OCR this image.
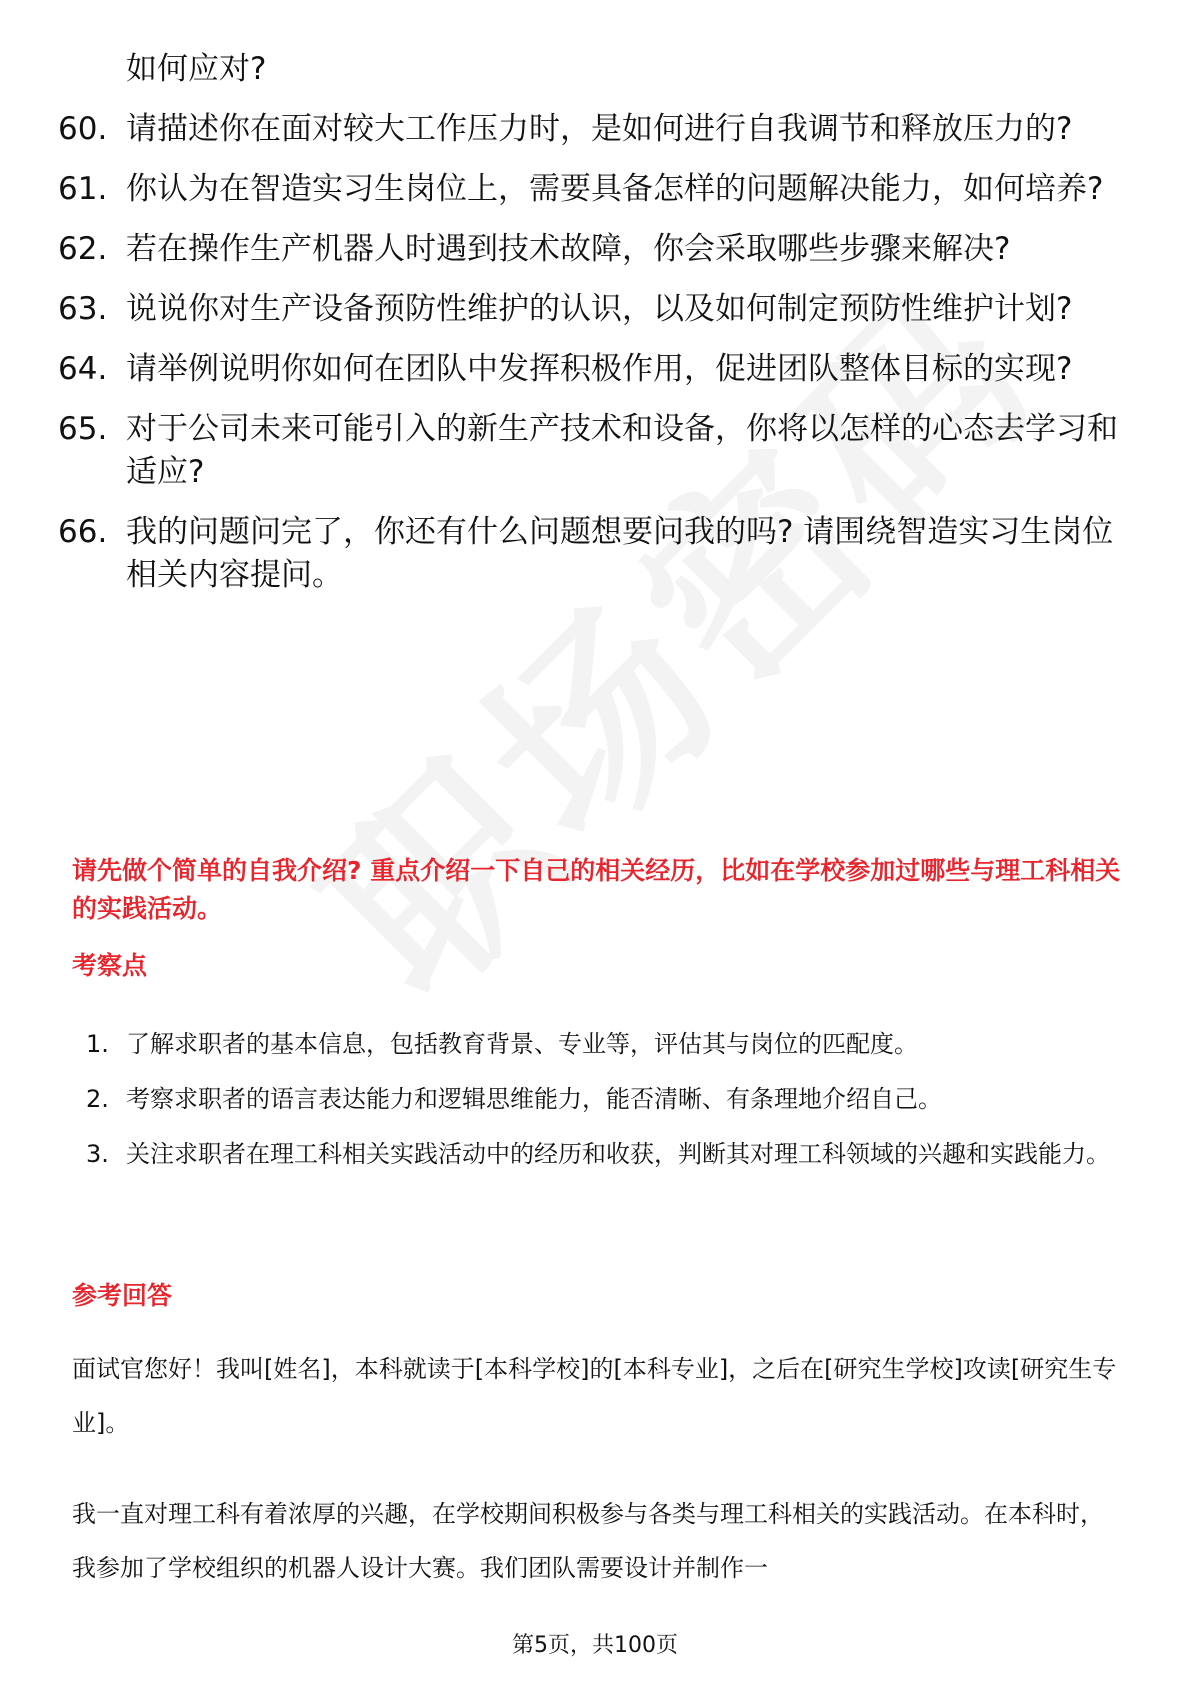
如何应对?
60. 请描述你在面对较大工作压力时，是如何进行自我调节和释放压力的?
61. 你认为在智造实习生岗位上，需要具备怎样的问题解决能力，如何培养?
62. 若在操作生产机器人时遇到技术故障，你会采取哪些步骤来解决?
63. 说说你对生产设备预防性维护的认识，以及如何制定预防性维护计划?
64. 请举例说明你如何在团队中发挥积极作用，促进团队整体目标的实现?
65. 对于公司未来可能引入的新生产技术和设备，你将以怎样的心态去学习和适应?
66. 我的问题问完了，你还有什么问题想要问我的吗? 请围绕智造实习生岗位相关内容提问。
请先做个简单的自我介绍? 重点介绍一下自己的相关经历，比如在学校参加过哪些与理工科相关的实践活动。
考察点
1. 了解求职者的基本信息，包括教育背景、专业等，评估其与岗位的匹配度。
2. 考察求职者的语言表达能力和逻辑思维能力，能否清晰、有条理地介绍自己。
3. 关注求职者在理工科相关实践活动中的经历和收获，判断其对理工科领域的兴趣和实践能力。
参考回答

面试官您好！我叫[姓名]，本科就读于[本科学校]的[本科专业]，之后在[研究生学校]攻读[研究生专业]。

我一直对理工科有着浓厚的兴趣，在学校期间积极参与各类与理工科相关的实践活动。在本科时，我参加了学校组织的机器人设计大赛。我们团队需要设计并制作一

第5页，共100页
